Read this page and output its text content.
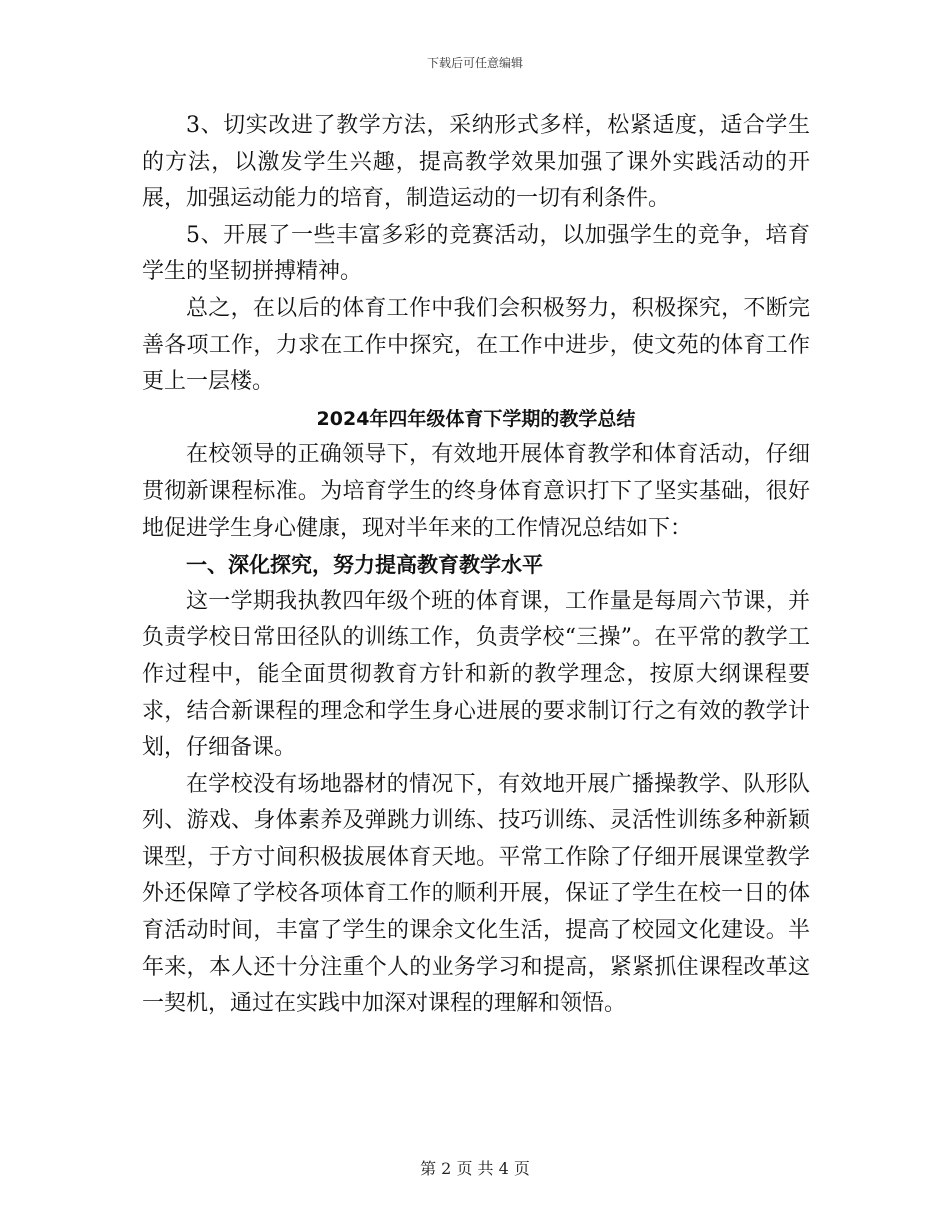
下载后可任意编辑

3、切实改进了教学方法，采纳形式多样，松紧适度，适合学生的方法，以激发学生兴趣，提高教学效果加强了课外实践活动的开展，加强运动能力的培育，制造运动的一切有利条件。

5、开展了一些丰富多彩的竞赛活动，以加强学生的竞争，培育学生的坚韧拼搏精神。

总之，在以后的体育工作中我们会积极努力，积极探究，不断完善各项工作，力求在工作中探究，在工作中进步，使文苑的体育工作更上一层楼。

2024年四年级体育下学期的教学总结

在校领导的正确领导下，有效地开展体育教学和体育活动，仔细贯彻新课程标准。为培育学生的终身体育意识打下了坚实基础，很好地促进学生身心健康，现对半年来的工作情况总结如下：

一、深化探究，努力提高教育教学水平

这一学期我执教四年级个班的体育课，工作量是每周六节课，并负责学校日常田径队的训练工作，负责学校“三操”。在平常的教学工作过程中，能全面贯彻教育方针和新的教学理念，按原大纲课程要求，结合新课程的理念和学生身心进展的要求制订行之有效的教学计划，仔细备课。

在学校没有场地器材的情况下，有效地开展广播操教学、队形队列、游戏、身体素养及弹跳力训练、技巧训练、灵活性训练多种新颖课型，于方寸间积极拔展体育天地。平常工作除了仔细开展课堂教学外还保障了学校各项体育工作的顺利开展，保证了学生在校一日的体育活动时间，丰富了学生的课余文化生活，提高了校园文化建设。半年来，本人还十分注重个人的业务学习和提高，紧紧抓住课程改革这一契机，通过在实践中加深对课程的理解和领悟。

第 2 页 共 4 页
